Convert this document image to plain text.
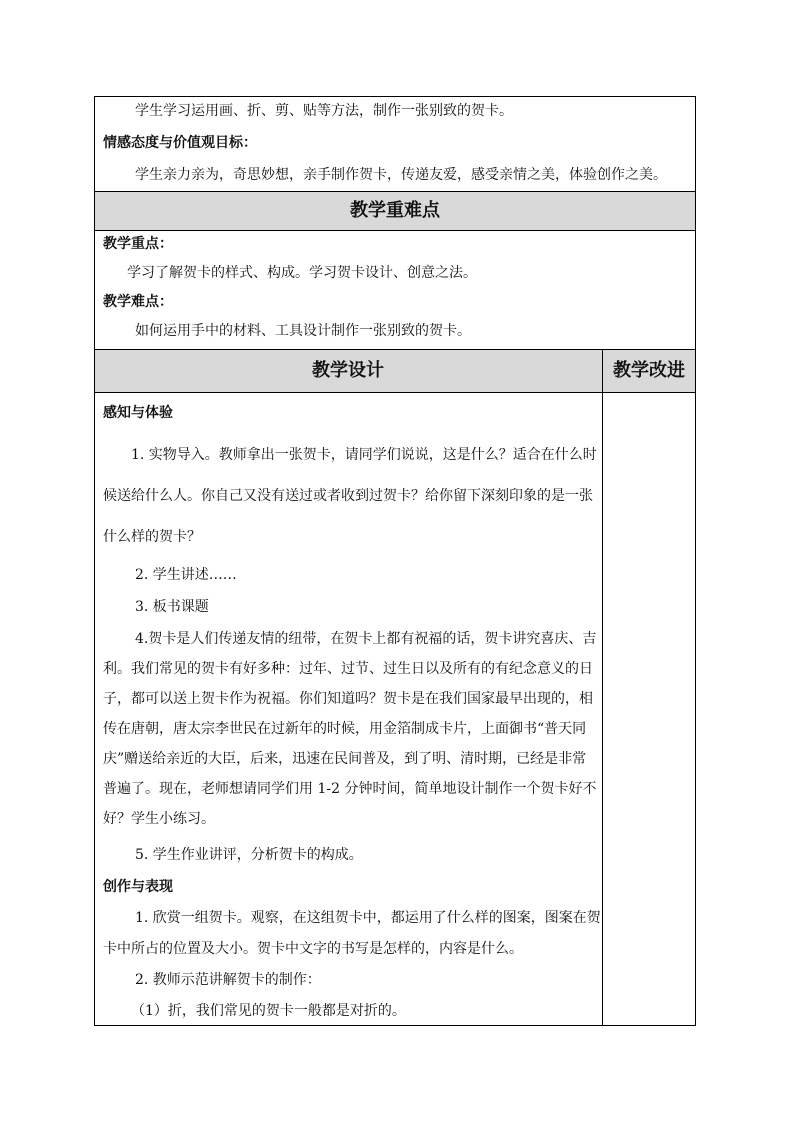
学生学习运用画、折、剪、贴等方法，制作一张别致的贺卡。
情感态度与价值观目标：
学生亲力亲为，奇思妙想，亲手制作贺卡，传递友爱，感受亲情之美，体验创作之美。
教学重难点
教学重点：
学习了解贺卡的样式、构成。学习贺卡设计、创意之法。
教学难点：
如何运用手中的材料、工具设计制作一张别致的贺卡。
教学设计	教学改进
感知与体验
1. 实物导入。教师拿出一张贺卡，请同学们说说，这是什么？适合在什么时
候送给什么人。你自己又没有送过或者收到过贺卡？给你留下深刻印象的是一张
什么样的贺卡？
2. 学生讲述……
3. 板书课题
4.贺卡是人们传递友情的纽带，在贺卡上都有祝福的话，贺卡讲究喜庆、吉
利。我们常见的贺卡有好多种：过年、过节、过生日以及所有的有纪念意义的日
子，都可以送上贺卡作为祝福。你们知道吗？贺卡是在我们国家最早出现的，相
传在唐朝，唐太宗李世民在过新年的时候，用金箔制成卡片，上面御书“普天同
庆”赠送给亲近的大臣，后来，迅速在民间普及，到了明、清时期，已经是非常
普遍了。现在，老师想请同学们用 1-2 分钟时间，简单地设计制作一个贺卡好不
好？学生小练习。
5. 学生作业讲评，分析贺卡的构成。
创作与表现
1. 欣赏一组贺卡。观察，在这组贺卡中，都运用了什么样的图案，图案在贺
卡中所占的位置及大小。贺卡中文字的书写是怎样的，内容是什么。
2. 教师示范讲解贺卡的制作：
（1）折，我们常见的贺卡一般都是对折的。
